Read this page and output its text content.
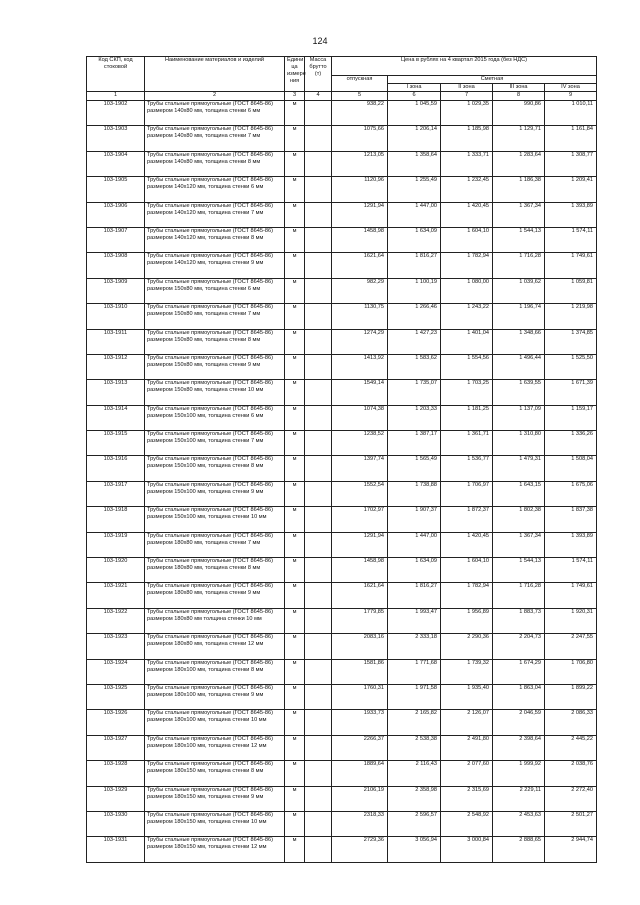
124
Код СКП, код стоковой	Наименование материалов и изделий	Едини ца измере ния	Масса брутто (т)	Цена в рублях на 4 квартал 2015 года (без НДС)				
				отпускная	Сметная			
					I зона	II зона	III зона	IV зона
1	2	3	4	5	6	7	8	9
103-1902	Трубы стальные прямоугольные (ГОСТ 8645-86) размером 140х80 мм, толщина стенки 6 мм	м		938,22	1 045,59	1 029,35	990,86	1 010,11
103-1903	Трубы стальные прямоугольные (ГОСТ 8645-86) размером 140х80 мм, толщина стенки 7 мм	м		1075,66	1 206,14	1 185,98	1 129,71	1 161,84
103-1904	Трубы стальные прямоугольные (ГОСТ 8645-86) размером 140х80 мм, толщина стенки 8 мм	м		1213,05	1 358,64	1 333,71	1 283,64	1 308,77
103-1905	Трубы стальные прямоугольные (ГОСТ 8645-86) размером 140х120 мм, толщина стенки 6 мм	м		1120,96	1 255,49	1 232,45	1 186,38	1 209,41
103-1906	Трубы стальные прямоугольные (ГОСТ 8645-86) размером 140х120 мм, толщина стенки 7 мм	м		1291,94	1 447,00	1 420,45	1 367,34	1 393,89
103-1907	Трубы стальные прямоугольные (ГОСТ 8645-86) размером 140х120 мм, толщина стенки 8 мм	м		1458,98	1 634,09	1 604,10	1 544,13	1 574,11
103-1908	Трубы стальные прямоугольные (ГОСТ 8645-86) размером 140х120 мм, толщина стенки 9 мм	м		1621,64	1 816,27	1 782,94	1 716,28	1 749,61
103-1909	Трубы стальные прямоугольные (ГОСТ 8645-86) размером 150х80 мм, толщина стенки 6 мм	м		982,29	1 100,19	1 080,00	1 039,62	1 059,81
103-1910	Трубы стальные прямоугольные (ГОСТ 8645-86) размером 150х80 мм, толщина стенки 7 мм	м		1130,75	1 266,46	1 243,22	1 196,74	1 219,98
103-1911	Трубы стальные прямоугольные (ГОСТ 8645-86) размером 150х80 мм, толщина стенки 8 мм	м		1274,29	1 427,23	1 401,04	1 348,66	1 374,85
103-1912	Трубы стальные прямоугольные (ГОСТ 8645-86) размером 150х80 мм, толщина стенки 9 мм	м		1413,92	1 583,62	1 554,56	1 496,44	1 525,50
103-1913	Трубы стальные прямоугольные (ГОСТ 8645-86) размером 150х80 мм, толщина стенки 10 мм	м		1549,14	1 735,07	1 703,25	1 639,55	1 671,39
103-1914	Трубы стальные прямоугольные (ГОСТ 8645-86) размером 150х100 мм, толщина стенки 6 мм	м		1074,38	1 203,33	1 181,25	1 137,09	1 159,17
103-1915	Трубы стальные прямоугольные (ГОСТ 8645-86) размером 150х100 мм, толщина стенки 7 мм	м		1238,52	1 387,17	1 361,71	1 310,80	1 336,26
103-1916	Трубы стальные прямоугольные (ГОСТ 8645-86) размером 150х100 мм, толщина стенки 8 мм	м		1397,74	1 565,49	1 536,77	1 479,31	1 508,04
103-1917	Трубы стальные прямоугольные (ГОСТ 8645-86) размером 150х100 мм, толщина стенки 9 мм	м		1552,54	1 738,88	1 706,97	1 643,15	1 675,06
103-1918	Трубы стальные прямоугольные (ГОСТ 8645-86) размером 150х100 мм, толщина стенки 10 мм	м		1702,97	1 907,37	1 872,37	1 802,38	1 837,38
103-1919	Трубы стальные прямоугольные (ГОСТ 8645-86) размером 180х80 мм, толщина стенки 7 мм	м		1291,94	1 447,00	1 420,45	1 367,34	1 393,89
103-1920	Трубы стальные прямоугольные (ГОСТ 8645-86) размером 180х80 мм, толщина стенки 8 мм	м		1458,98	1 634,09	1 604,10	1 544,13	1 574,11
103-1921	Трубы стальные прямоугольные (ГОСТ 8645-86) размером 180х80 мм, толщина стенки 9 мм	м		1621,64	1 816,27	1 782,94	1 716,28	1 749,61
103-1922	Трубы стальные прямоугольные (ГОСТ 8645-86) размером 180х80 мм толщина стенки 10 мм	м		1779,85	1 993,47	1 956,89	1 883,73	1 920,31
103-1923	Трубы стальные прямоугольные (ГОСТ 8645-86) размером 180х80 мм, толщина стенки 12 мм	м		2083,16	2 333,18	2 290,36	2 204,73	2 247,55
103-1924	Трубы стальные прямоугольные (ГОСТ 8645-86) размером 180х100 мм, толщина стенки 8 мм	м		1581,86	1 771,68	1 739,32	1 674,29	1 706,80
103-1925	Трубы стальные прямоугольные (ГОСТ 8645-86) размером 180х100 мм, толщина стенки 9 мм	м		1760,31	1 971,58	1 935,40	1 863,04	1 899,22
103-1926	Трубы стальные прямоугольные (ГОСТ 8645-86) размером 180х100 мм, толщина стенки 10 мм	м		1933,73	2 165,82	2 126,07	2 046,59	2 086,33
103-1927	Трубы стальные прямоугольные (ГОСТ 8645-86) размером 180х100 мм, толщина стенки 12 мм	м		2266,37	2 538,38	2 491,80	2 398,64	2 445,22
103-1928	Трубы стальные прямоугольные (ГОСТ 8645-86) размером 180х150 мм, толщина стенки 8 мм	м		1889,64	2 116,43	2 077,60	1 999,92	2 038,76
103-1929	Трубы стальные прямоугольные (ГОСТ 8645-86) размером 180х150 мм, толщина стенки 9 мм	м		2106,19	2 358,98	2 315,69	2 229,11	2 272,40
103-1930	Трубы стальные прямоугольные (ГОСТ 8645-86) размером 180х150 мм, толщина стенки 10 мм	м		2318,33	2 596,57	2 548,92	2 453,63	2 501,27
103-1931	Трубы стальные прямоугольные (ГОСТ 8645-86) размером 180х150 мм, толщина стенки 12 мм	м		2729,36	3 056,94	3 000,84	2 888,65	2 944,74
